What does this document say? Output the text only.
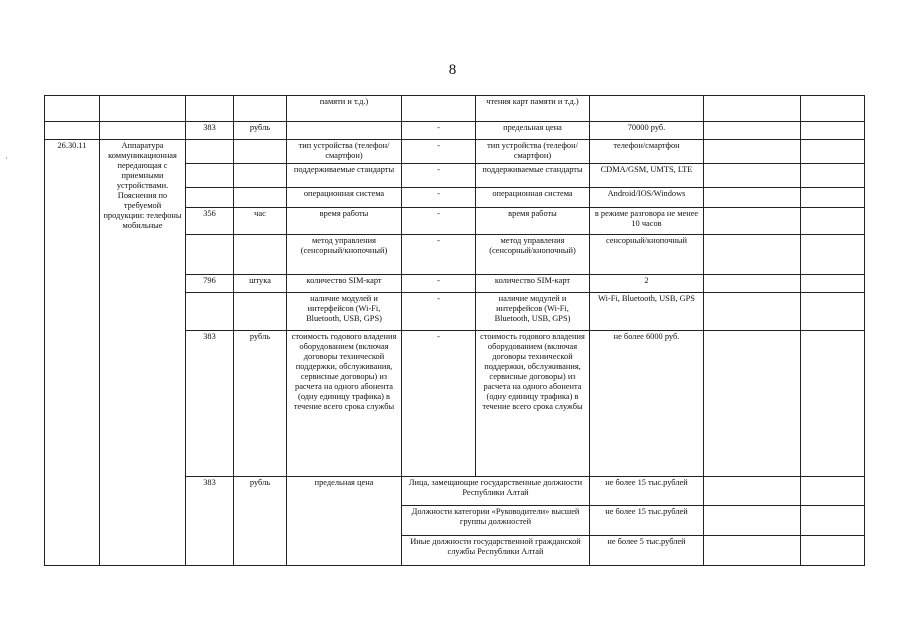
8
·
				памяти и т.д.)		чтения карт памяти и т.д.)			
		383	рубль		-	предельная цена	70000 руб.		
26.30.11	Аппаратура коммуникационная передающая с приемными устройствами. Пояснения по требуемой продукции: телефоны мобильные			тип устройства (телефон/смартфон)	-	тип устройства (телефон/смартфон)	телефон/смартфон		
				поддерживаемые стандарты	-	поддерживаемые стандарты	CDMA/GSM, UMTS, LTE		
				операционная система	-	операционная система	Android/IOS/Windows		
		356	час	время работы	-	время работы	в режиме разговора не менее 10 часов		
				метод управления (сенсорный/кнопочный)	-	метод управления (сенсорный/кнопочный)	сенсорный/кнопочный		
		796	штука	количество SIM-карт	-	количество SIM-карт	2		
				наличие модулей и интерфейсов (Wi-Fi, Bluetooth, USB, GPS)	-	наличие модулей и интерфейсов (Wi-Fi, Bluetooth, USB, GPS)	Wi-Fi, Bluetooth, USB, GPS		
		383	рубль	стоимость годового владения оборудованием (включая договоры технической поддержки, обслуживания, сервисные договоры) из расчета на одного абонента (одну единицу трафика) в течение всего срока службы	-	стоимость годового владения оборудованием (включая договоры технической поддержки, обслуживания, сервисные договоры) из расчета на одного абонента (одну единицу трафика) в течение всего срока службы	не более 6000 руб.		
		383	рубль	предельная цена	Лица, замещающие государственные должности Республики Алтай		не более 15 тыс.рублей		
					Должности категории «Руководители» высшей группы должностей		не более 15 тыс.рублей		
					Иные должности государственной гражданской службы Республики Алтай		не более 5 тыс.рублей		
